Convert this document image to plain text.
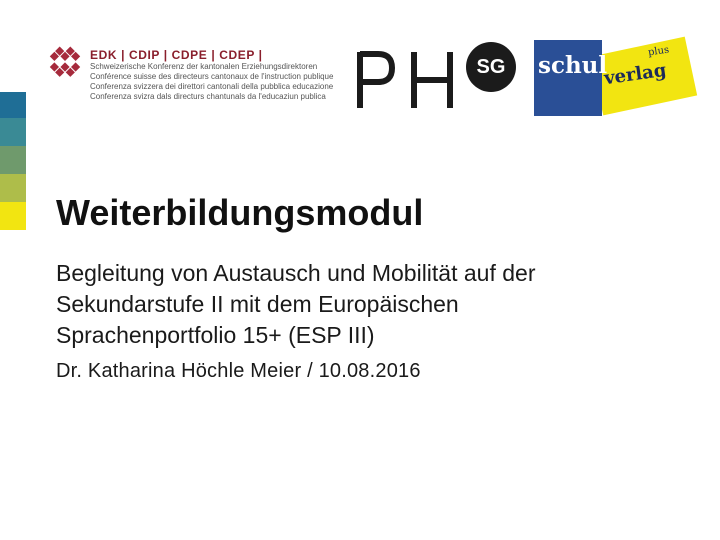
EDK | CDIP | CDPE | CDEP |
Schweizerische Konferenz der kantonalen Erziehungsdirektoren
Conférence suisse des directeurs cantonaux de l'instruction publique
Conferenza svizzera dei direttori cantonali della pubblica educazione
Conferenza svizra dals directurs chantunals da l'educaziun publica
SG	schul
verlag
plus
Weiterbildungsmodul
Begleitung von Austausch und Mobilität auf der
Sekundarstufe II mit dem Europäischen
Sprachenportfolio 15+ (ESP III)
Dr. Katharina Höchle Meier / 10.08.2016
